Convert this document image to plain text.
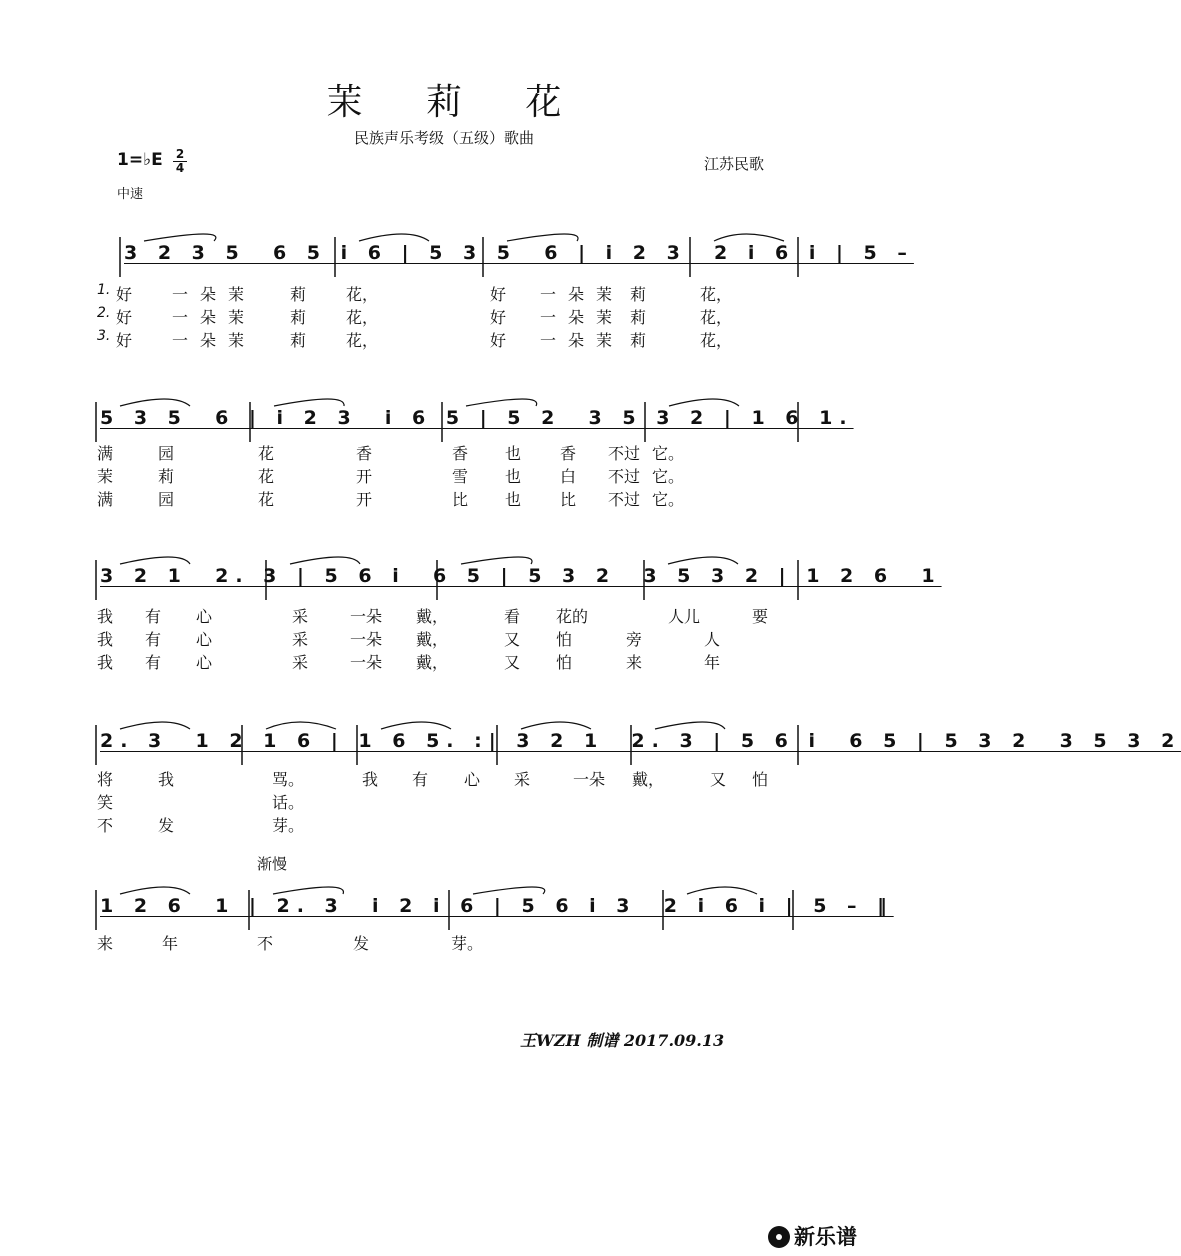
茉 莉 花
民族声乐考级（五级）歌曲
1=♭E 2
4
中速
江苏民歌
3 2 3 5  6 5 i 6 | 5 3 5  6 | i 2 3  2 i 6 i | 5 –
1. 好 一朵茉 莉 花，	好 一朵茉 莉	花，
2. 好 一朵茉 莉 花，	好 一朵茉 莉	花，
3. 好 一朵茉 莉 花，	好 一朵茉 莉	花，
5 3 5  6 | i 2 3  i 6 5 | 5 2  3 5 3 2 | 1 6 1.
满	园	花	香	香 也 香 不过 它。
茉	莉	花	开	雪 也 白 不过 它。
满	园	花	开	比 也 比 不过 它。
3 2 1  2. 3 | 5 6 i  6 5 | 5 3 2  3 5 3 2 | 1 2 6  1
我 有 心	采	一朵 戴，	看 花的	人儿	要
我 有 心	采	一朵 戴，	又 怕	旁	人
我 有 心	采	一朵 戴，	又 怕	来	年
2. 3  1 2 1 6 | 1 6 5. :| 3 2 1  2. 3 | 5 6 i  6 5 | 5 3 2  3 5 3 2
将	我	骂。	我 有 心 采	一朵 戴，	又 怕
笑	话。
不	发	芽。
1 2 6  1 | 2. 3  i 2 i 6 | 5 6 i 3  2 i 6 i | 5 – ‖
渐慢
来	年	不	发	芽。
王WZH 制谱 2017.09.13
新乐谱
